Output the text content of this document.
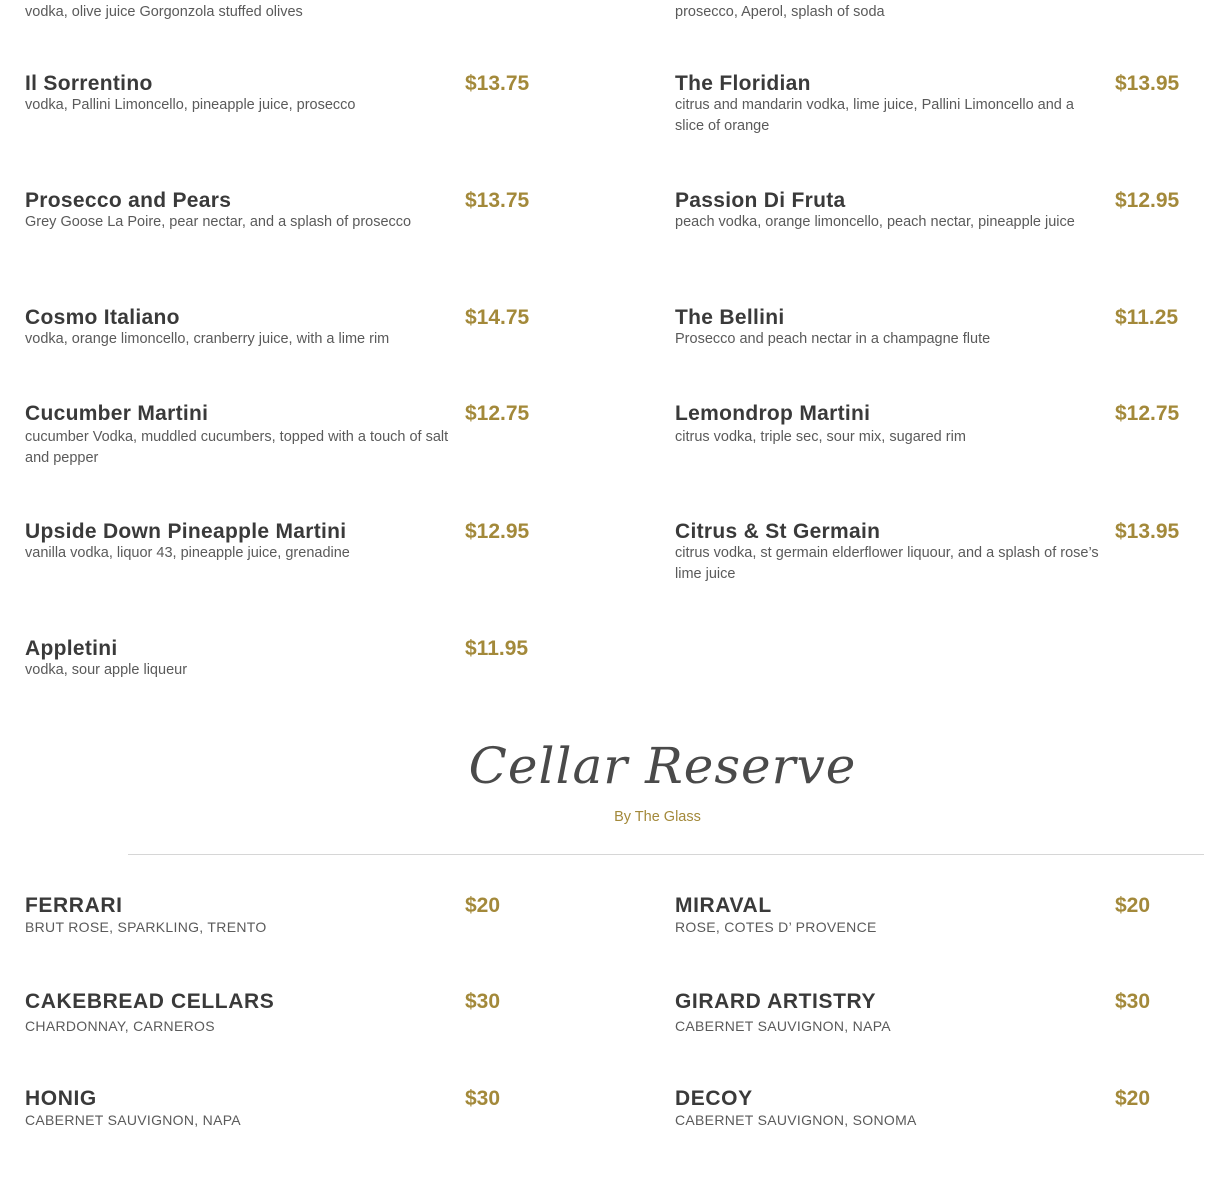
vodka, olive juice Gorgonzola stuffed olives	prosecco, Aperol, splash of soda
Il Sorrentino	$13.75
vodka, Pallini Limoncello, pineapple juice, prosecco
The Floridian	$13.95
citrus and mandarin vodka, lime juice, Pallini Limoncello and a slice of orange
Prosecco and Pears	$13.75
Grey Goose La Poire, pear nectar, and a splash of prosecco
Passion Di Fruta	$12.95
peach vodka, orange limoncello, peach nectar, pineapple juice
Cosmo Italiano	$14.75
vodka, orange limoncello, cranberry juice, with a lime rim
The Bellini	$11.25
Prosecco and peach nectar in a champagne flute
Cucumber Martini	$12.75
cucumber Vodka, muddled cucumbers, topped with a touch of salt and pepper
Lemondrop Martini	$12.75
citrus vodka, triple sec, sour mix, sugared rim
Upside Down Pineapple Martini	$12.95
vanilla vodka, liquor 43, pineapple juice, grenadine
Citrus & St Germain	$13.95
citrus vodka, st germain elderflower liquour, and a splash of rose’s lime juice
Appletini	$11.95
vodka, sour apple liqueur
Cellar Reserve
By The Glass
FERRARI	$20
BRUT ROSE, SPARKLING, TRENTO
MIRAVAL	$20
ROSE, COTES D’ PROVENCE
CAKEBREAD CELLARS	$30
CHARDONNAY, CARNEROS
GIRARD ARTISTRY	$30
CABERNET SAUVIGNON, NAPA
HONIG	$30
CABERNET SAUVIGNON, NAPA
DECOY	$20
CABERNET SAUVIGNON, SONOMA
